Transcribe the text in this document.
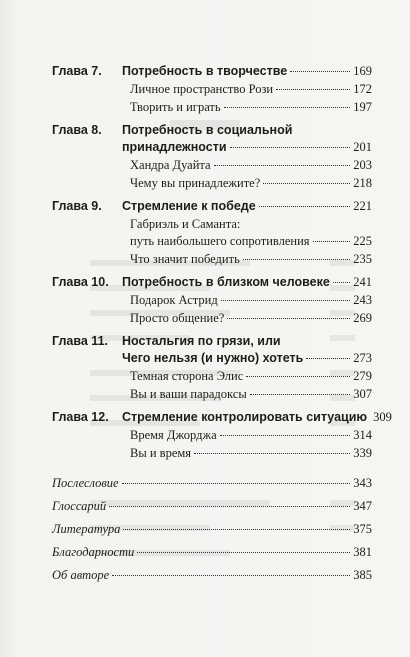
Глава 7. Потребность в творчестве	169
Личное пространство Рози	172
Творить и играть	197
Глава 8. Потребность в социальной
принадлежности	201
Хандра Дуайта	203
Чему вы принадлежите?	218
Глава 9. Стремление к победе	221
Габриэль и Саманта:
путь наибольшего сопротивления	225
Что значит победить	235
Глава 10. Потребность в близком человеке 241
Подарок Астрид	243
Просто общение?	269
Глава 11. Ностальгия по грязи, или
Чего нельзя (и нужно) хотеть	273
Темная сторона Элис	279
Вы и ваши парадоксы	307
Глава 12. Стремление контролировать ситуацию 309
Время Джорджа	314
Вы и время	339
Послесловие	343
Глоссарий	347
Литература	375
Благодарности	381
Об авторе	385
